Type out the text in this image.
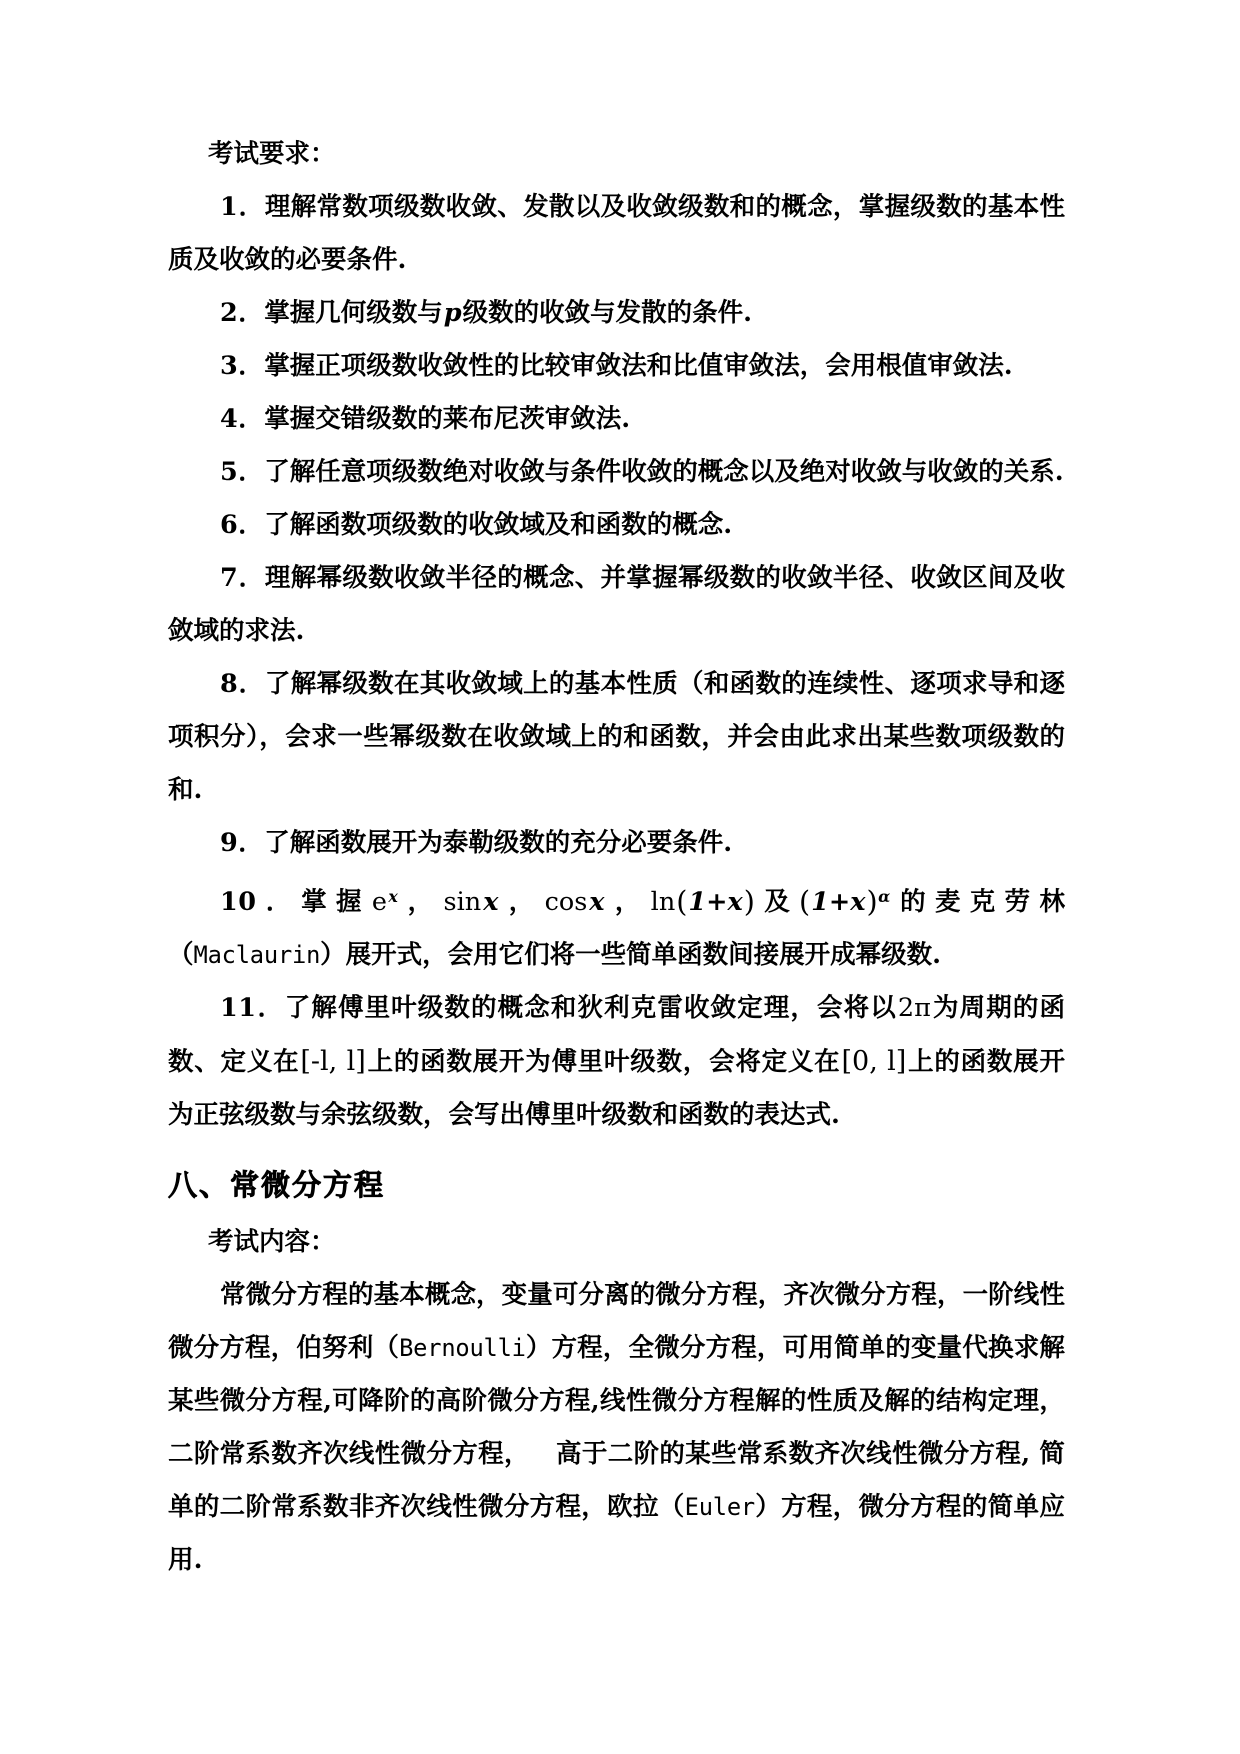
考试要求：

1．理解常数项级数收敛、发散以及收敛级数和的概念，掌握级数的基本性质及收敛的必要条件.

2．掌握几何级数与p级数的收敛与发散的条件.

3．掌握正项级数收敛性的比较审敛法和比值审敛法，会用根值审敛法.

4．掌握交错级数的莱布尼茨审敛法.

5．了解任意项级数绝对收敛与条件收敛的概念以及绝对收敛与收敛的关系.

6．了解函数项级数的收敛域及和函数的概念.

7．理解幂级数收敛半径的概念、并掌握幂级数的收敛半径、收敛区间及收敛域的求法.

8．了解幂级数在其收敛域上的基本性质（和函数的连续性、逐项求导和逐项积分），会求一些幂级数在收敛域上的和函数，并会由此求出某些数项级数的和.

9．了解函数展开为泰勒级数的充分必要条件.

10．掌握$e^x$，sinx，cosx，ln(1+x)及$(1+x)^\alpha$的麦克劳林（Maclaurin）展开式，会用它们将一些简单函数间接展开成幂级数.

11．了解傅里叶级数的概念和狄利克雷收敛定理，会将以2π为周期的函数、定义在[-l, l]上的函数展开为傅里叶级数，会将定义在[0, l]上的函数展开为正弦级数与余弦级数，会写出傅里叶级数和函数的表达式.

八、常微分方程

考试内容：

常微分方程的基本概念，变量可分离的微分方程，齐次微分方程，一阶线性微分方程，伯努利（Bernoulli）方程，全微分方程，可用简单的变量代换求解某些微分方程,可降阶的高阶微分方程,线性微分方程解的性质及解的结构定理，二阶常系数齐次线性微分方程， 高于二阶的某些常系数齐次线性微分方程, 简单的二阶常系数非齐次线性微分方程，欧拉（Euler）方程，微分方程的简单应用.
